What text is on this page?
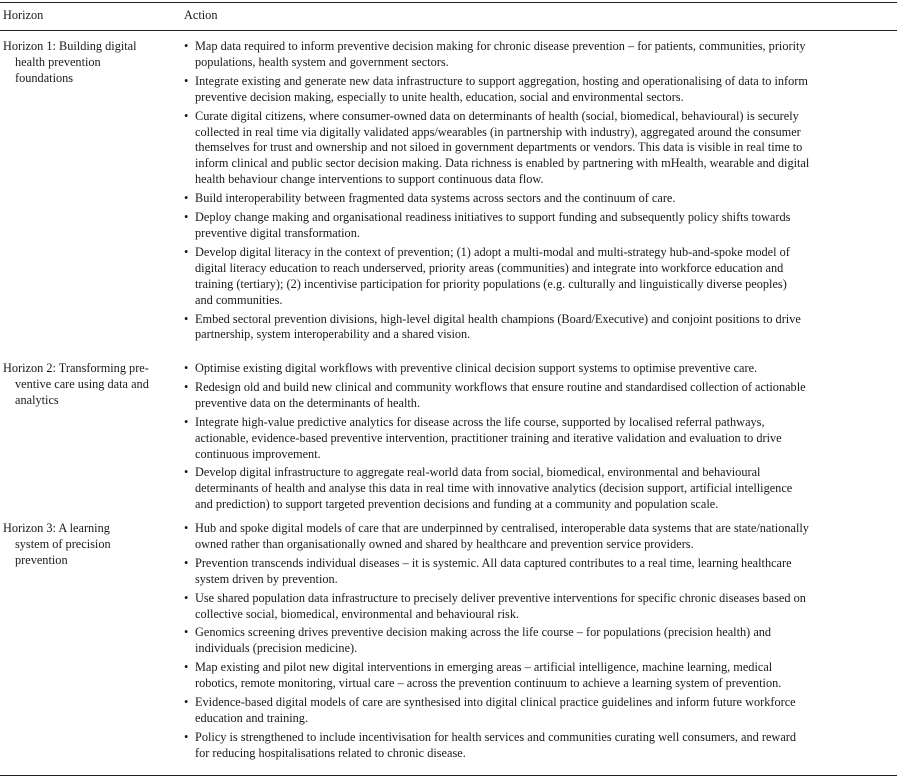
Horizon	Action
Horizon 1: Building digital
health prevention
foundations
• Map data required to inform preventive decision making for chronic disease prevention – for patients, communities, priority
populations, health system and government sectors.
• Integrate existing and generate new data infrastructure to support aggregation, hosting and operationalising of data to inform
preventive decision making, especially to unite health, education, social and environmental sectors.
• Curate digital citizens, where consumer-owned data on determinants of health (social, biomedical, behavioural) is securely
collected in real time via digitally validated apps/wearables (in partnership with industry), aggregated around the consumer
themselves for trust and ownership and not siloed in government departments or vendors. This data is visible in real time to
inform clinical and public sector decision making. Data richness is enabled by partnering with mHealth, wearable and digital
health behaviour change interventions to support continuous data flow.
• Build interoperability between fragmented data systems across sectors and the continuum of care.
• Deploy change making and organisational readiness initiatives to support funding and subsequently policy shifts towards
preventive digital transformation.
• Develop digital literacy in the context of prevention; (1) adopt a multi-modal and multi-strategy hub-and-spoke model of
digital literacy education to reach underserved, priority areas (communities) and integrate into workforce education and
training (tertiary); (2) incentivise participation for priority populations (e.g. culturally and linguistically diverse peoples)
and communities.
• Embed sectoral prevention divisions, high-level digital health champions (Board/Executive) and conjoint positions to drive
partnership, system interoperability and a shared vision.
Horizon 2: Transforming pre-
ventive care using data and
analytics
• Optimise existing digital workflows with preventive clinical decision support systems to optimise preventive care.
• Redesign old and build new clinical and community workflows that ensure routine and standardised collection of actionable
preventive data on the determinants of health.
• Integrate high-value predictive analytics for disease across the life course, supported by localised referral pathways,
actionable, evidence-based preventive intervention, practitioner training and iterative validation and evaluation to drive
continuous improvement.
• Develop digital infrastructure to aggregate real-world data from social, biomedical, environmental and behavioural
determinants of health and analyse this data in real time with innovative analytics (decision support, artificial intelligence
and prediction) to support targeted prevention decisions and funding at a community and population scale.
Horizon 3: A learning
system of precision
prevention
• Hub and spoke digital models of care that are underpinned by centralised, interoperable data systems that are state/nationally
owned rather than organisationally owned and shared by healthcare and prevention service providers.
• Prevention transcends individual diseases – it is systemic. All data captured contributes to a real time, learning healthcare
system driven by prevention.
• Use shared population data infrastructure to precisely deliver preventive interventions for specific chronic diseases based on
collective social, biomedical, environmental and behavioural risk.
• Genomics screening drives preventive decision making across the life course – for populations (precision health) and
individuals (precision medicine).
• Map existing and pilot new digital interventions in emerging areas – artificial intelligence, machine learning, medical
robotics, remote monitoring, virtual care – across the prevention continuum to achieve a learning system of prevention.
• Evidence-based digital models of care are synthesised into digital clinical practice guidelines and inform future workforce
education and training.
• Policy is strengthened to include incentivisation for health services and communities curating well consumers, and reward
for reducing hospitalisations related to chronic disease.
